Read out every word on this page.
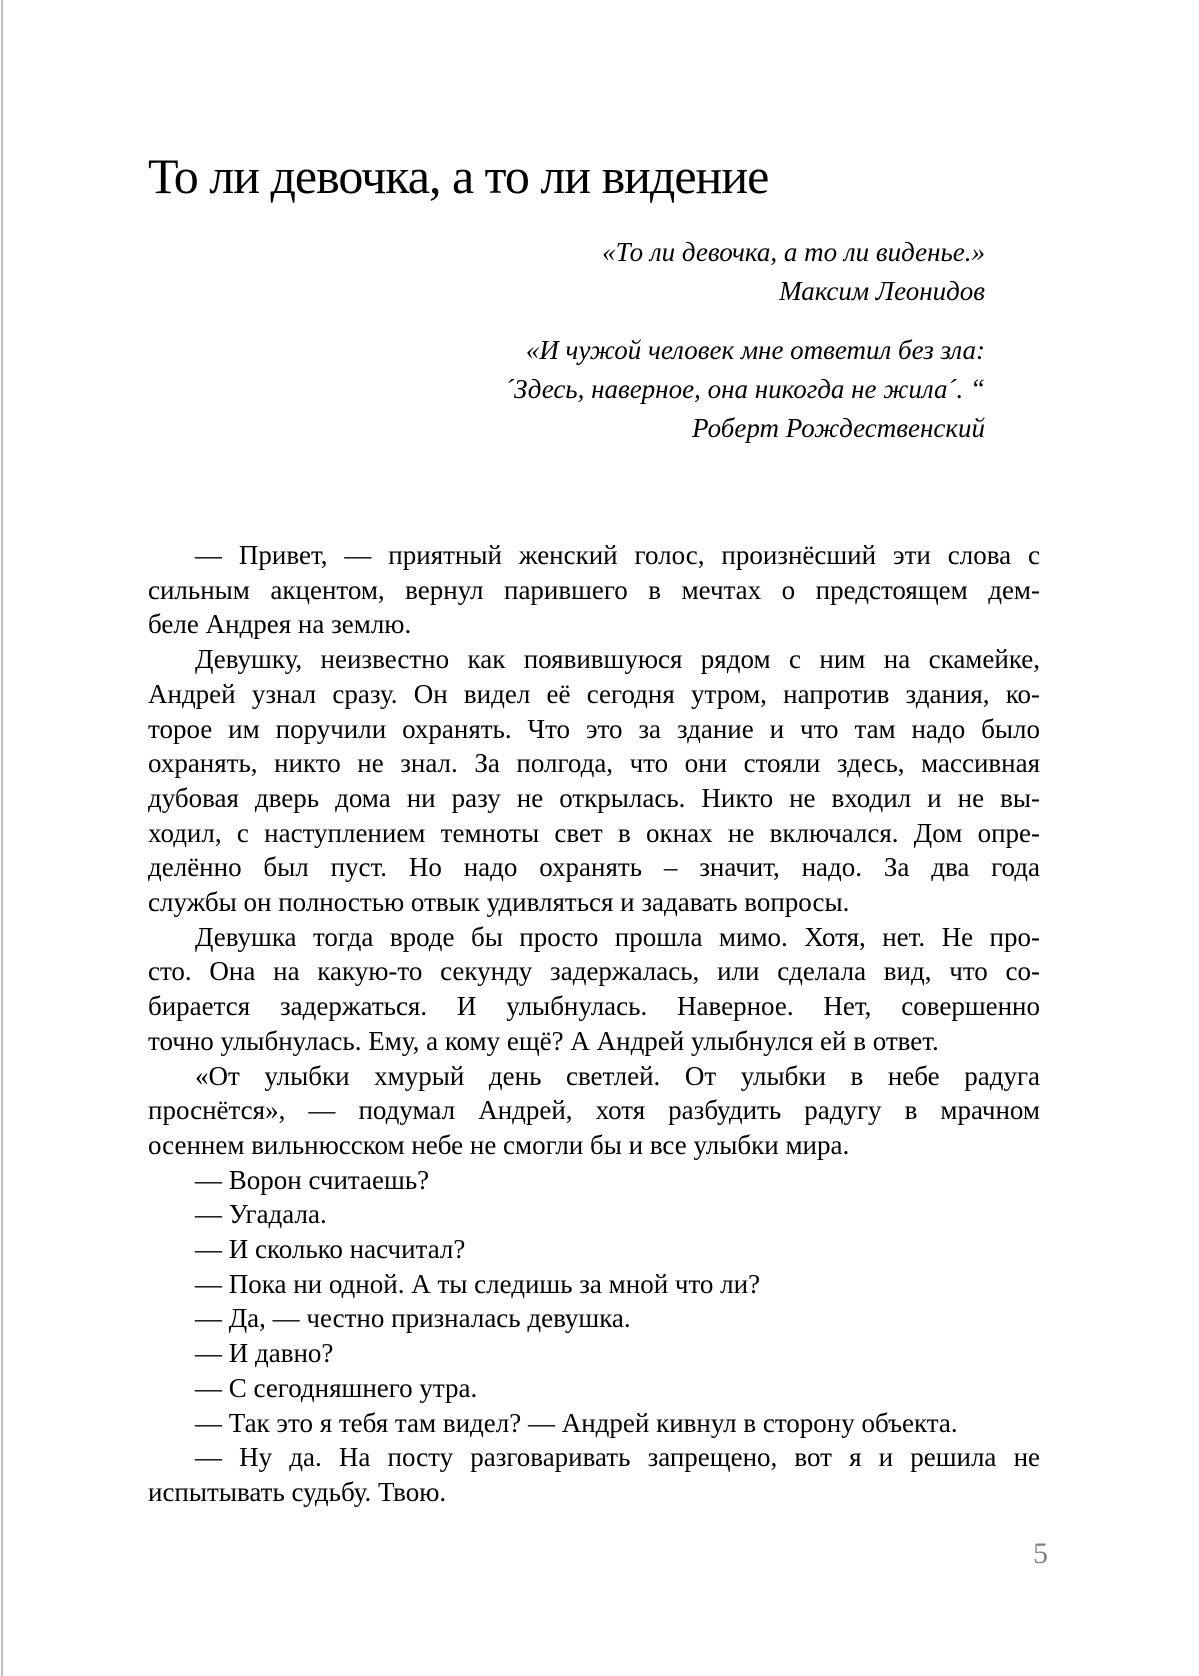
То ли девочка, а то ли видение
«То ли девочка, а то ли виденье.»
Максим Леонидов
«И чужой человек мне ответил без зла:
´Здесь, наверное, она никогда не жила´. “
Роберт Рождественский
— Привет, — приятный женский голос, произнёсший эти слова с
сильным акцентом, вернул парившего в мечтах о предстоящем дем-
беле Андрея на землю.
Девушку, неизвестно как появившуюся рядом с ним на скамейке,
Андрей узнал сразу. Он видел её сегодня утром, напротив здания, ко-
торое им поручили охранять. Что это за здание и что там надо было
охранять, никто не знал. За полгода, что они стояли здесь, массивная
дубовая дверь дома ни разу не открылась. Никто не входил и не вы-
ходил, с наступлением темноты свет в окнах не включался. Дом опре-
делённо был пуст. Но надо охранять – значит, надо. За два года
службы он полностью отвык удивляться и задавать вопросы.
Девушка тогда вроде бы просто прошла мимо. Хотя, нет. Не про-
сто. Она на какую-то секунду задержалась, или сделала вид, что со-
бирается задержаться. И улыбнулась. Наверное. Нет, совершенно
точно улыбнулась. Ему, а кому ещё? А Андрей улыбнулся ей в ответ.
«От улыбки хмурый день светлей. От улыбки в небе радуга
проснётся», — подумал Андрей, хотя разбудить радугу в мрачном
осеннем вильнюсском небе не смогли бы и все улыбки мира.
— Ворон считаешь?
— Угадала.
— И сколько насчитал?
— Пока ни одной. А ты следишь за мной что ли?
— Да, — честно призналась девушка.
— И давно?
— С сегодняшнего утра.
— Так это я тебя там видел? — Андрей кивнул в сторону объекта.
— Ну да. На посту разговаривать запрещено, вот я и решила не
испытывать судьбу. Твою.
5
